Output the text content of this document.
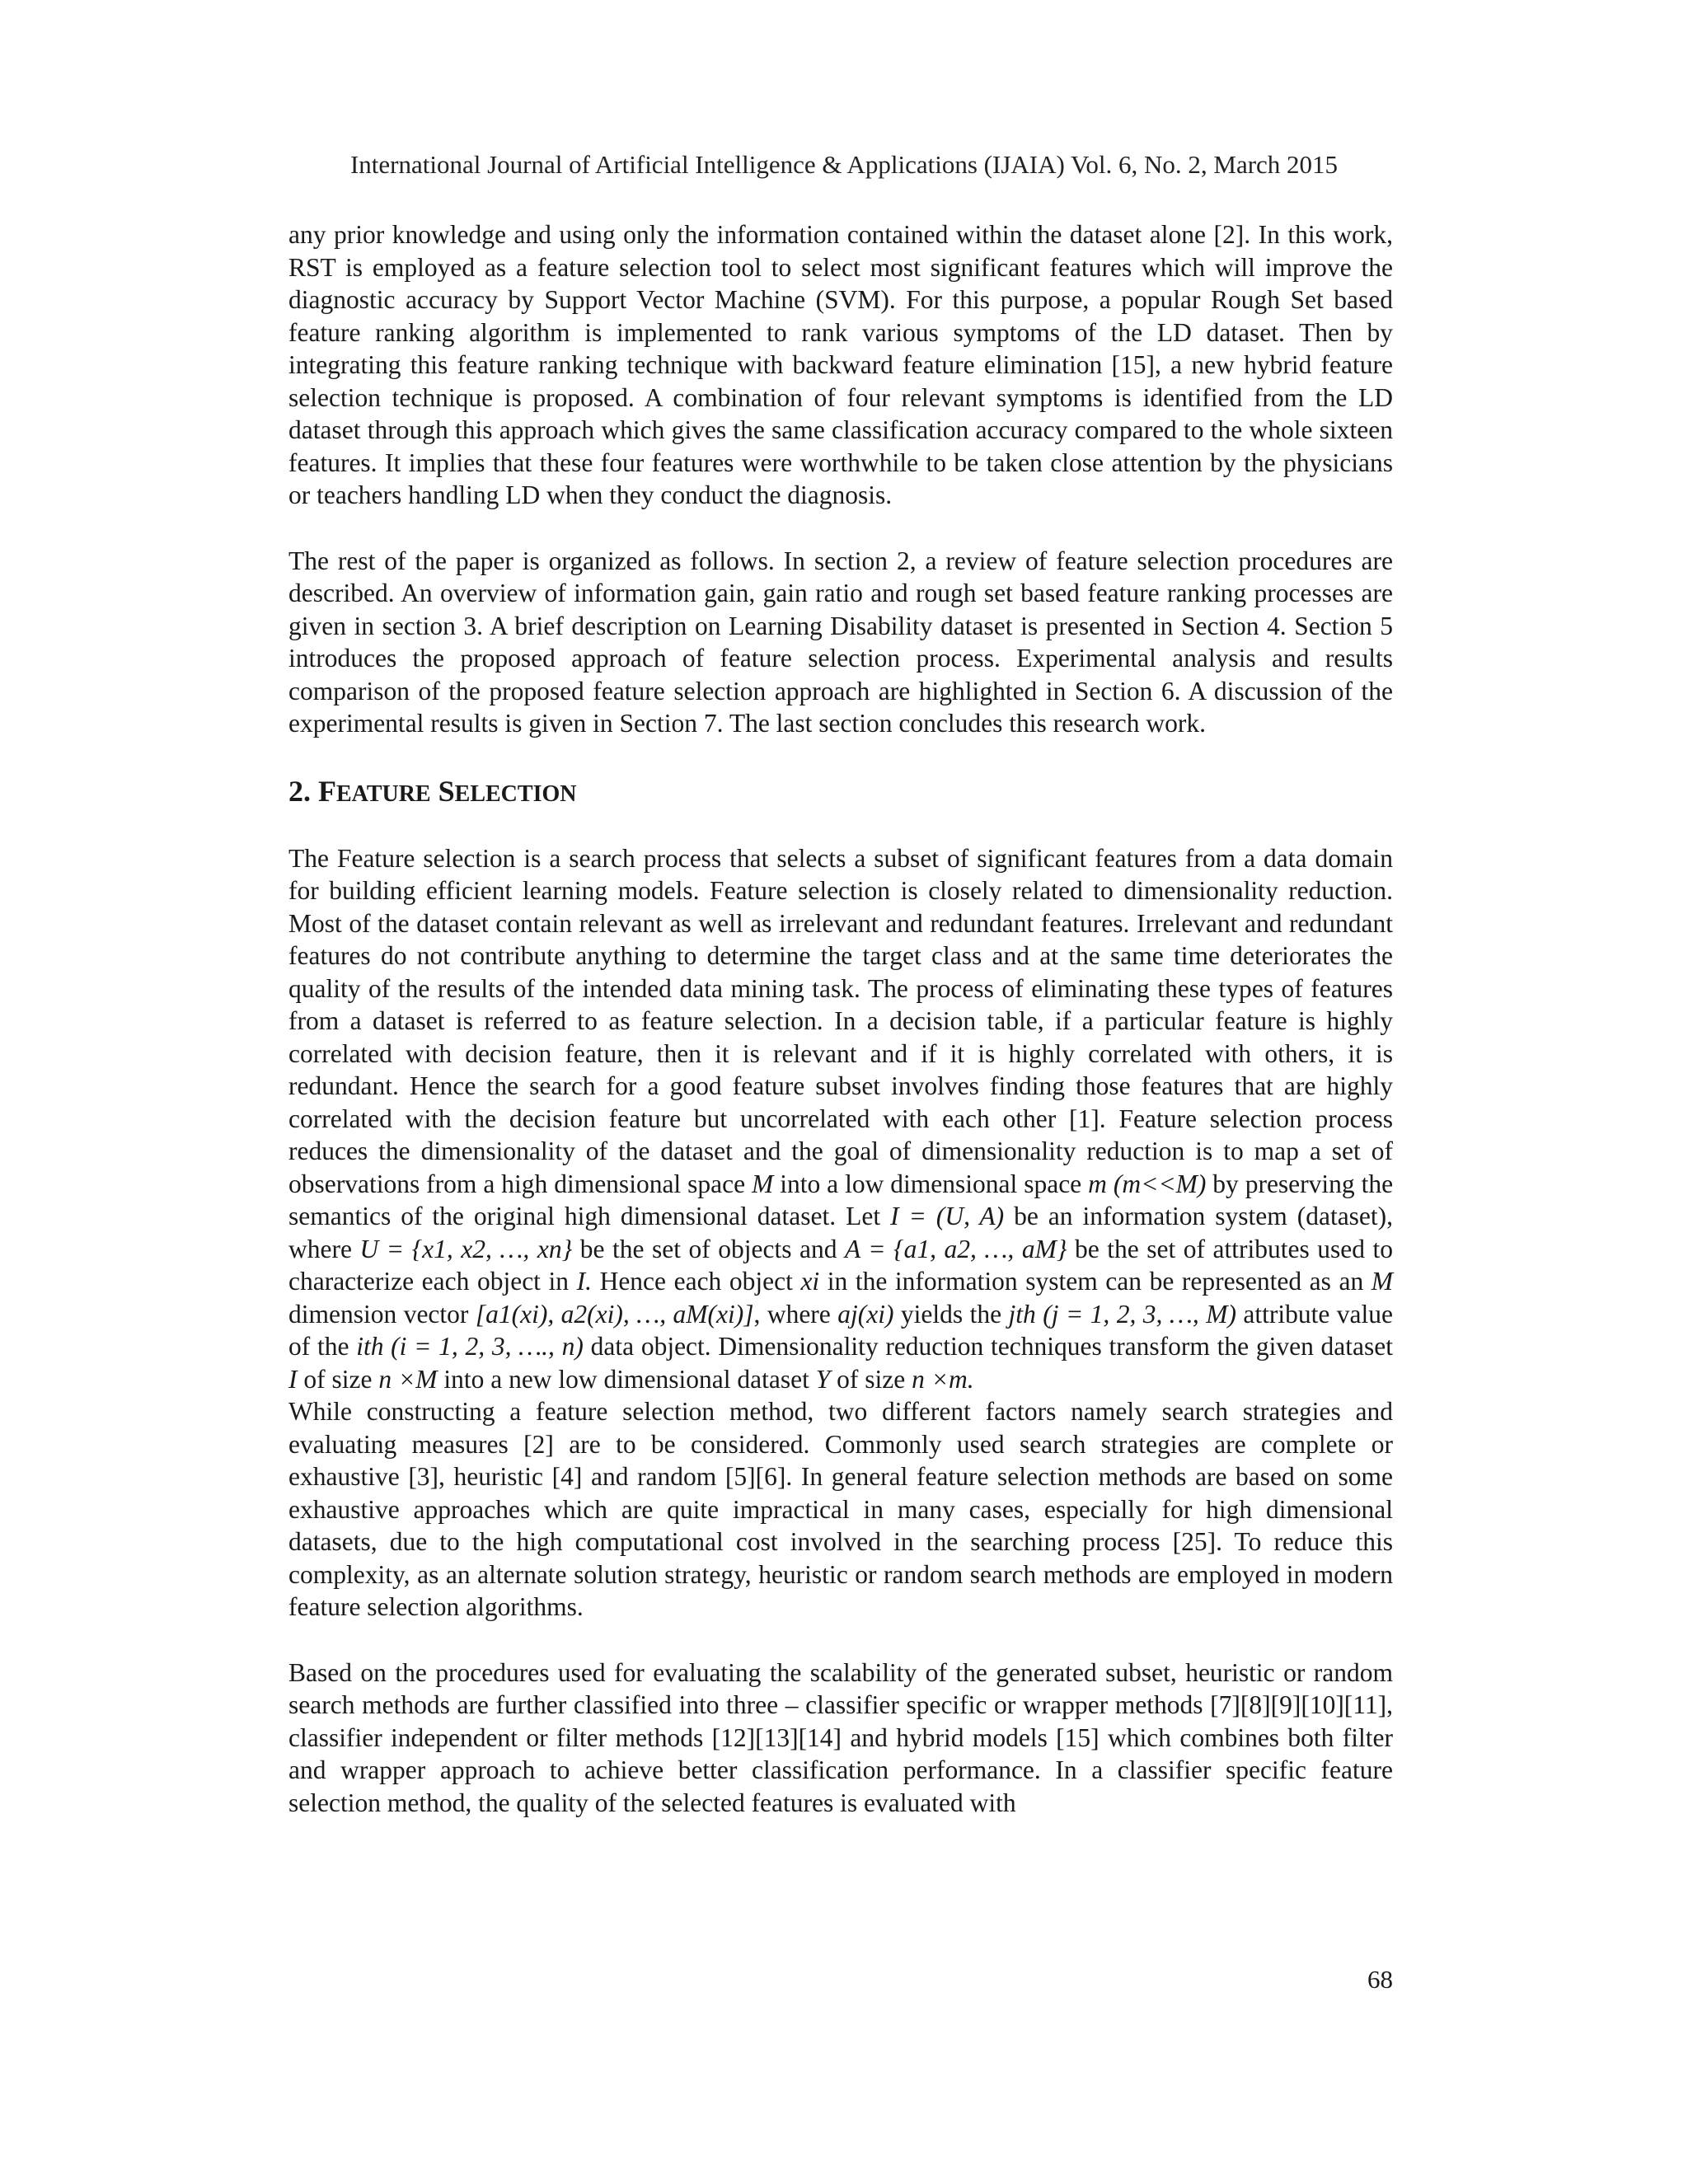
International Journal of Artificial Intelligence & Applications (IJAIA) Vol. 6, No. 2, March 2015

any prior knowledge and using only the information contained within the dataset alone [2]. In this work, RST is employed as a feature selection tool to select most significant features which will improve the diagnostic accuracy by Support Vector Machine (SVM). For this purpose, a popular Rough Set based feature ranking algorithm is implemented to rank various symptoms of the LD dataset. Then by integrating this feature ranking technique with backward feature elimination [15], a new hybrid feature selection technique is proposed. A combination of four relevant symptoms is identified from the LD dataset through this approach which gives the same classification accuracy compared to the whole sixteen features. It implies that these four features were worthwhile to be taken close attention by the physicians or teachers handling LD when they conduct the diagnosis.

The rest of the paper is organized as follows. In section 2, a review of feature selection procedures are described. An overview of information gain, gain ratio and rough set based feature ranking processes are given in section 3. A brief description on Learning Disability dataset is presented in Section 4. Section 5 introduces the proposed approach of feature selection process. Experimental analysis and results comparison of the proposed feature selection approach are highlighted in Section 6. A discussion of the experimental results is given in Section 7. The last section concludes this research work.

2. FEATURE SELECTION

The Feature selection is a search process that selects a subset of significant features from a data domain for building efficient learning models. Feature selection is closely related to dimensionality reduction. Most of the dataset contain relevant as well as irrelevant and redundant features. Irrelevant and redundant features do not contribute anything to determine the target class and at the same time deteriorates the quality of the results of the intended data mining task. The process of eliminating these types of features from a dataset is referred to as feature selection. In a decision table, if a particular feature is highly correlated with decision feature, then it is relevant and if it is highly correlated with others, it is redundant. Hence the search for a good feature subset involves finding those features that are highly correlated with the decision feature but uncorrelated with each other [1]. Feature selection process reduces the dimensionality of the dataset and the goal of dimensionality reduction is to map a set of observations from a high dimensional space M into a low dimensional space m (m<<M) by preserving the semantics of the original high dimensional dataset. Let I = (U, A) be an information system (dataset), where U = {x1, x2, …, xn} be the set of objects and A = {a1, a2, …, aM} be the set of attributes used to characterize each object in I. Hence each object xi in the information system can be represented as an M dimension vector [a1(xi), a2(xi), …, aM(xi)], where aj(xi) yields the jth (j = 1, 2, 3, …, M) attribute value of the ith (i = 1, 2, 3, …., n) data object. Dimensionality reduction techniques transform the given dataset I of size n ×M into a new low dimensional dataset Y of size n ×m.

While constructing a feature selection method, two different factors namely search strategies and evaluating measures [2] are to be considered. Commonly used search strategies are complete or exhaustive [3], heuristic [4] and random [5][6]. In general feature selection methods are based on some exhaustive approaches which are quite impractical in many cases, especially for high dimensional datasets, due to the high computational cost involved in the searching process [25]. To reduce this complexity, as an alternate solution strategy, heuristic or random search methods are employed in modern feature selection algorithms.

Based on the procedures used for evaluating the scalability of the generated subset, heuristic or random search methods are further classified into three – classifier specific or wrapper methods [7][8][9][10][11], classifier independent or filter methods [12][13][14] and hybrid models [15] which combines both filter and wrapper approach to achieve better classification performance. In a classifier specific feature selection method, the quality of the selected features is evaluated with

68
